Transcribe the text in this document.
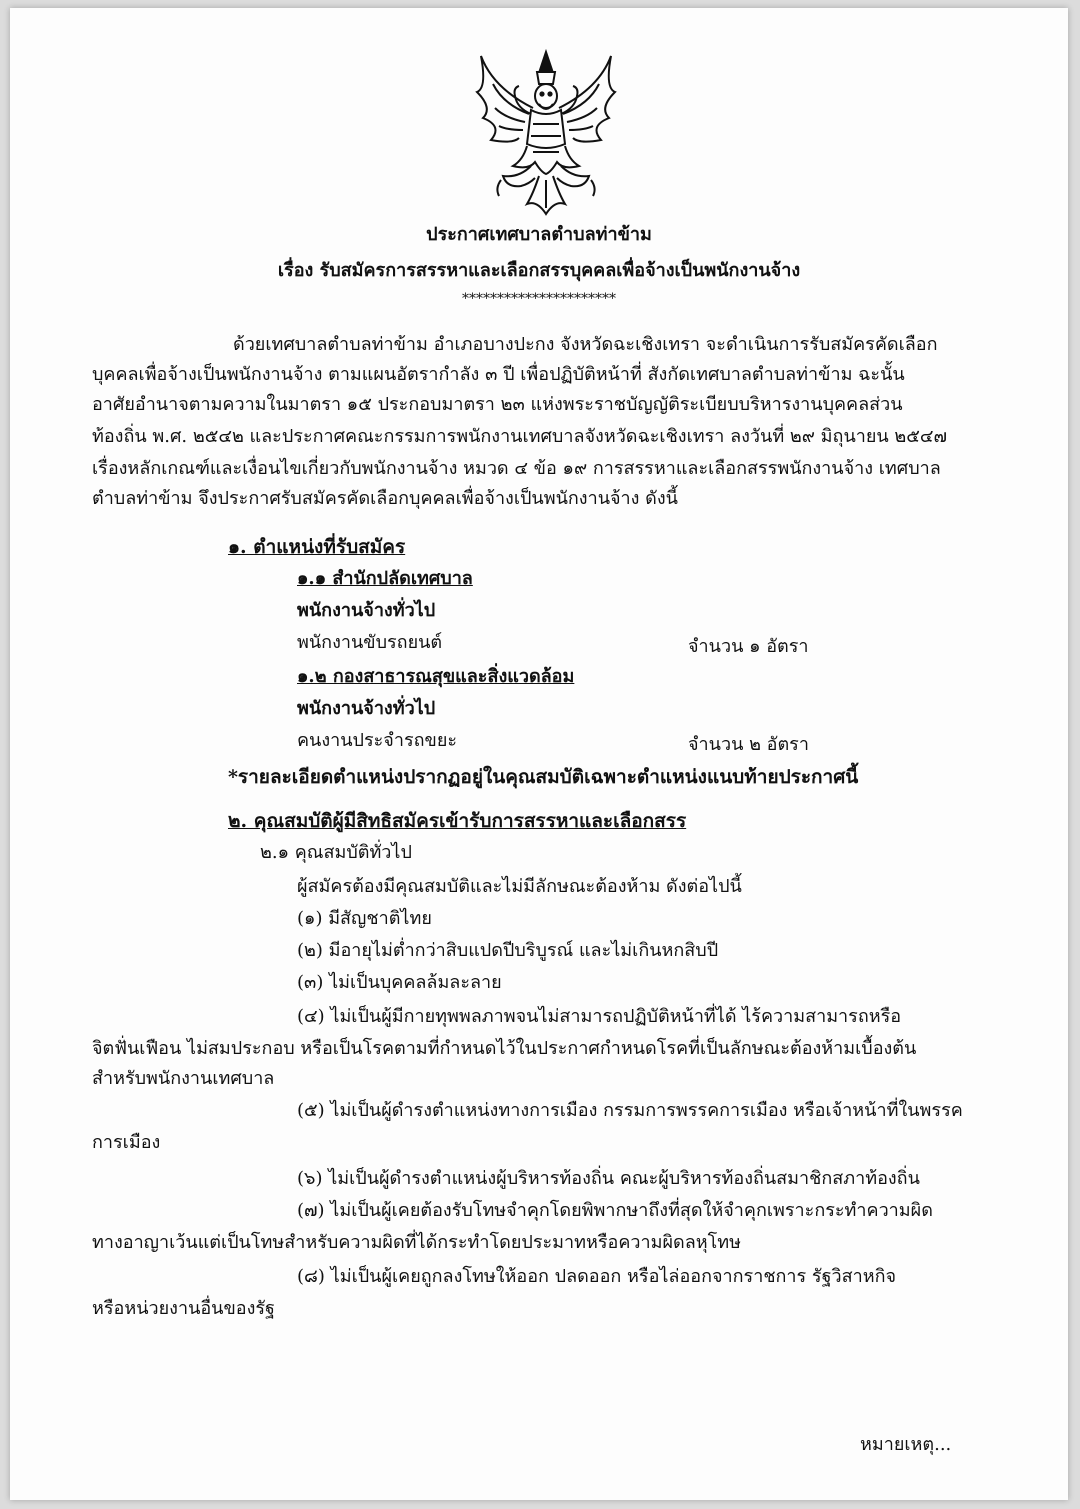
ประกาศเทศบาลตำบลท่าข้าม
เรื่อง รับสมัครการสรรหาและเลือกสรรบุคคลเพื่อจ้างเป็นพนักงานจ้าง
**********************
ด้วยเทศบาลตำบลท่าข้าม อำเภอบางปะกง จังหวัดฉะเชิงเทรา จะดำเนินการรับสมัครคัดเลือก
บุคคลเพื่อจ้างเป็นพนักงานจ้าง ตามแผนอัตรากำลัง ๓ ปี เพื่อปฏิบัติหน้าที่ สังกัดเทศบาลตำบลท่าข้าม ฉะนั้น
อาศัยอำนาจตามความในมาตรา ๑๕ ประกอบมาตรา ๒๓ แห่งพระราชบัญญัติระเบียบบริหารงานบุคคลส่วน
ท้องถิ่น พ.ศ. ๒๕๔๒ และประกาศคณะกรรมการพนักงานเทศบาลจังหวัดฉะเชิงเทรา ลงวันที่ ๒๙ มิถุนายน ๒๕๔๗
เรื่องหลักเกณฑ์และเงื่อนไขเกี่ยวกับพนักงานจ้าง หมวด ๔ ข้อ ๑๙ การสรรหาและเลือกสรรพนักงานจ้าง เทศบาล
ตำบลท่าข้าม จึงประกาศรับสมัครคัดเลือกบุคคลเพื่อจ้างเป็นพนักงานจ้าง ดังนี้
๑. ตำแหน่งที่รับสมัคร
๑.๑ สำนักปลัดเทศบาล
พนักงานจ้างทั่วไป
พนักงานขับรถยนต์	จำนวน ๑ อัตรา
๑.๒ กองสาธารณสุขและสิ่งแวดล้อม
พนักงานจ้างทั่วไป
คนงานประจำรถขยะ	จำนวน ๒ อัตรา
*รายละเอียดตำแหน่งปรากฏอยู่ในคุณสมบัติเฉพาะตำแหน่งแนบท้ายประกาศนี้
๒. คุณสมบัติผู้มีสิทธิสมัครเข้ารับการสรรหาและเลือกสรร
๒.๑ คุณสมบัติทั่วไป
ผู้สมัครต้องมีคุณสมบัติและไม่มีลักษณะต้องห้าม ดังต่อไปนี้
(๑) มีสัญชาติไทย
(๒) มีอายุไม่ต่ำกว่าสิบแปดปีบริบูรณ์ และไม่เกินหกสิบปี
(๓) ไม่เป็นบุคคลล้มละลาย
(๔) ไม่เป็นผู้มีกายทุพพลภาพจนไม่สามารถปฏิบัติหน้าที่ได้ ไร้ความสามารถหรือ
จิตฟั่นเฟือน ไม่สมประกอบ หรือเป็นโรคตามที่กำหนดไว้ในประกาศกำหนดโรคที่เป็นลักษณะต้องห้ามเบื้องต้น
สำหรับพนักงานเทศบาล
(๕) ไม่เป็นผู้ดำรงตำแหน่งทางการเมือง กรรมการพรรคการเมือง หรือเจ้าหน้าที่ในพรรค
การเมือง
(๖) ไม่เป็นผู้ดำรงตำแหน่งผู้บริหารท้องถิ่น คณะผู้บริหารท้องถิ่นสมาชิกสภาท้องถิ่น
(๗) ไม่เป็นผู้เคยต้องรับโทษจำคุกโดยพิพากษาถึงที่สุดให้จำคุกเพราะกระทำความผิด
ทางอาญาเว้นแต่เป็นโทษสำหรับความผิดที่ได้กระทำโดยประมาทหรือความผิดลหุโทษ
(๘) ไม่เป็นผู้เคยถูกลงโทษให้ออก ปลดออก หรือไล่ออกจากราชการ รัฐวิสาหกิจ
หรือหน่วยงานอื่นของรัฐ
หมายเหตุ...
